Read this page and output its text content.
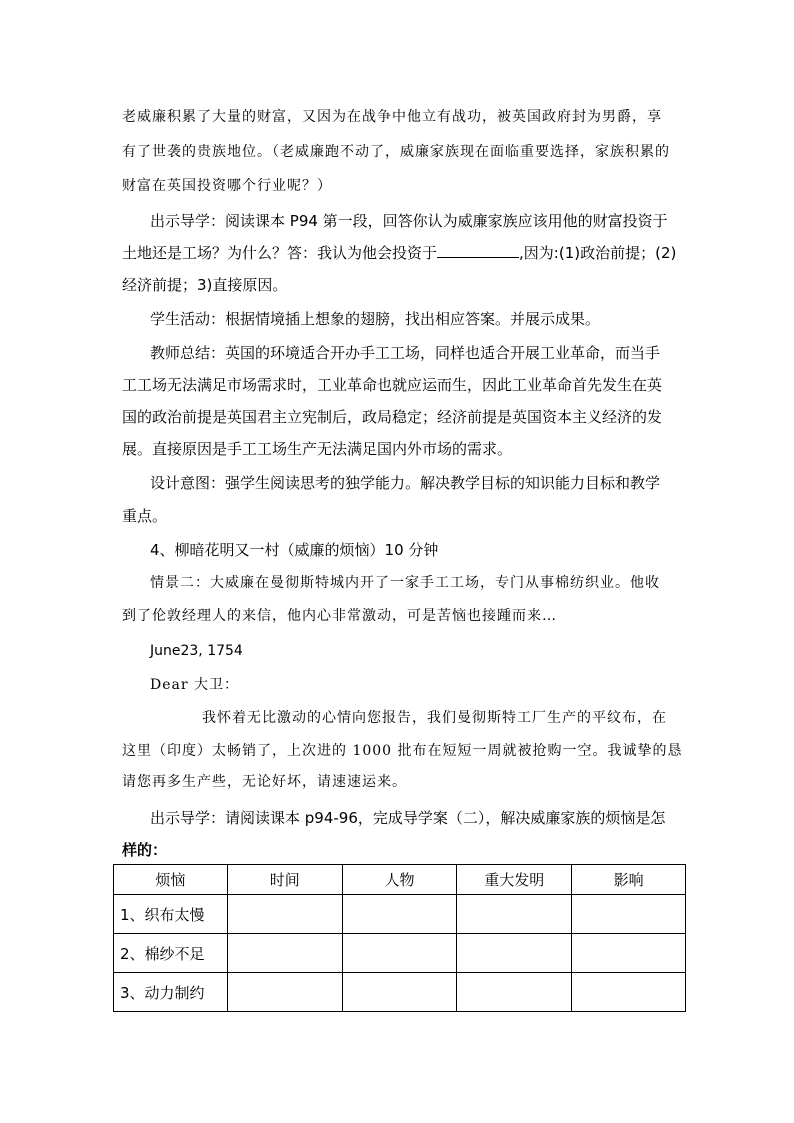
老威廉积累了大量的财富，又因为在战争中他立有战功，被英国政府封为男爵，享
有了世袭的贵族地位。（老威廉跑不动了，威廉家族现在面临重要选择，家族积累的
财富在英国投资哪个行业呢？）
出示导学：阅读课本 P94 第一段，回答你认为威廉家族应该用他的财富投资于
土地还是工场？为什么？答：我认为他会投资于	,因为:(1)政治前提；(2)
经济前提；3)直接原因。
学生活动：根据情境插上想象的翅膀，找出相应答案。并展示成果。
教师总结：英国的环境适合开办手工工场，同样也适合开展工业革命，而当手
工工场无法满足市场需求时，工业革命也就应运而生，因此工业革命首先发生在英
国的政治前提是英国君主立宪制后，政局稳定；经济前提是英国资本主义经济的发
展。直接原因是手工工场生产无法满足国内外市场的需求。
设计意图：强学生阅读思考的独学能力。解决教学目标的知识能力目标和教学
重点。
4、柳暗花明又一村（威廉的烦恼）10 分钟
情景二：大威廉在曼彻斯特城内开了一家手工工场，专门从事棉纺织业。他收
到了伦敦经理人的来信，他内心非常激动，可是苦恼也接踵而来…
June23, 1754
Dear 大卫：
我怀着无比激动的心情向您报告，我们曼彻斯特工厂生产的平纹布，在
这里（印度）太畅销了，上次进的 1000 批布在短短一周就被抢购一空。我诚挚的恳
请您再多生产些，无论好坏，请速速运来。
出示导学：请阅读课本 p94-96，完成导学案（二），解决威廉家族的烦恼是怎
样的：
烦恼	时间	人物	重大发明	影响
1、织布太慢				
2、棉纱不足				
3、动力制约				
